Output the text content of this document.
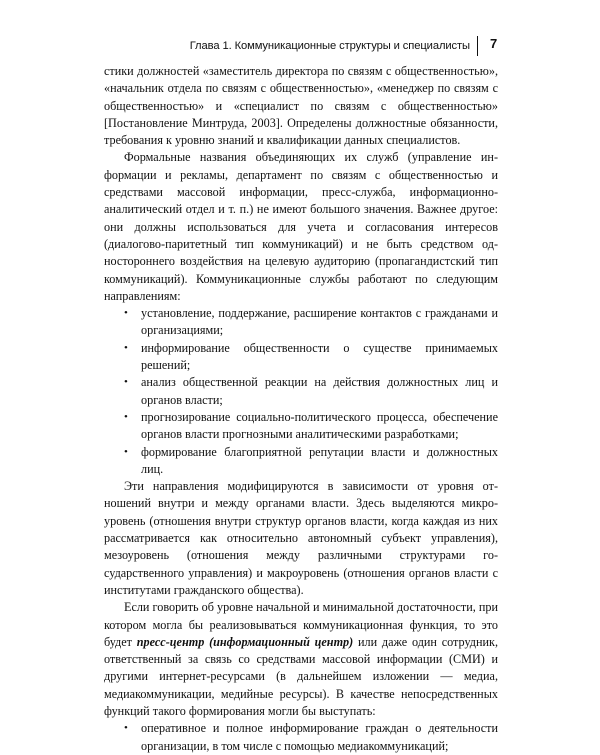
Глава 1. Коммуникационные структуры и специалисты 7

стики должностей «заместитель директора по связям с общественностью», «начальник отдела по связям с общественностью», «менеджер по связям с общественностью» и «специалист по связям с общественностью» [Постановление Минтруда, 2003]. Определены должностные обязанности, требования к уровню знаний и квалификации данных специалистов.

Формальные названия объединяющих их служб (управление информации и рекламы, департамент по связям с общественностью и средствами массовой информации, пресс-служба, информационно-аналитический отдел и т. п.) не имеют большого значения. Важнее другое: они должны использоваться для учета и согласования интересов (диалогово-паритетный тип коммуникаций) и не быть средством одностороннего воздействия на целевую аудиторию (пропагандистский тип коммуникаций). Коммуникационные службы работают по следующим направлениям:

• установление, поддержание, расширение контактов с гражданами и организациями;
• информирование общественности о существе принимаемых решений;
• анализ общественной реакции на действия должностных лиц и органов власти;
• прогнозирование социально-политического процесса, обеспечение органов власти прогнозными аналитическими разработками;
• формирование благоприятной репутации власти и должностных лиц.

Эти направления модифицируются в зависимости от уровня отношений внутри и между органами власти. Здесь выделяются микроуровень (отношения внутри структур органов власти, когда каждая из них рассматривается как относительно автономный субъект управления), мезоуровень (отношения между различными структурами государственного управления) и макроуровень (отношения органов власти с институтами гражданского общества).

Если говорить об уровне начальной и минимальной достаточности, при котором могла бы реализовываться коммуникационная функция, то это будет пресс-центр (информационный центр) или даже один сотрудник, ответственный за связь со средствами массовой информации (СМИ) и другими интернет-ресурсами (в дальнейшем изложении — медиа, медиакоммуникации, медийные ресурсы). В качестве непосредственных функций такого формирования могли бы выступать:

• оперативное и полное информирование граждан о деятельности организации, в том числе с помощью медиакоммуникаций;
